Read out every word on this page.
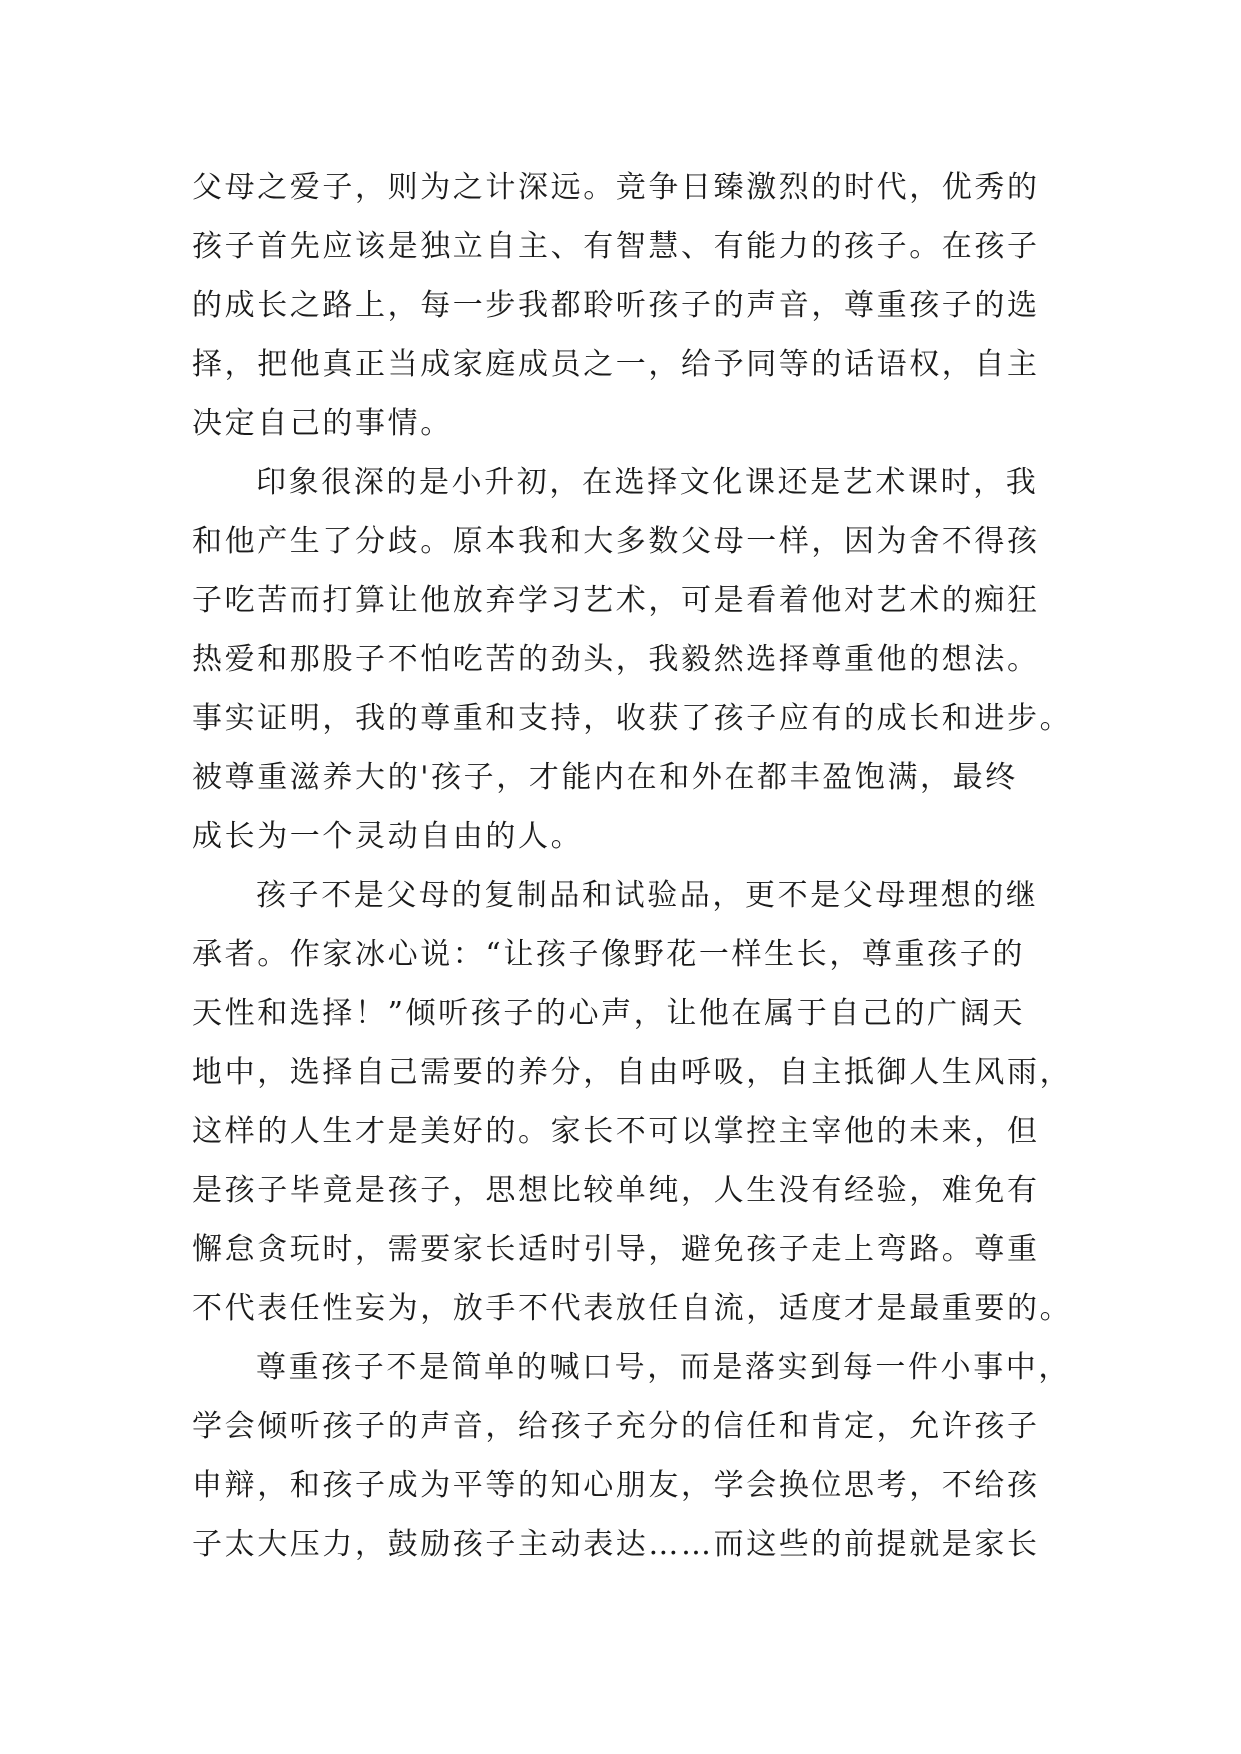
父母之爱子，则为之计深远。竞争日臻激烈的时代，优秀的
孩子首先应该是独立自主、有智慧、有能力的孩子。在孩子
的成长之路上，每一步我都聆听孩子的声音，尊重孩子的选
择，把他真正当成家庭成员之一，给予同等的话语权，自主
决定自己的事情。
印象很深的是小升初，在选择文化课还是艺术课时，我
和他产生了分歧。原本我和大多数父母一样，因为舍不得孩
子吃苦而打算让他放弃学习艺术，可是看着他对艺术的痴狂
热爱和那股子不怕吃苦的劲头，我毅然选择尊重他的想法。
事实证明，我的尊重和支持，收获了孩子应有的成长和进步。
被尊重滋养大的'孩子，才能内在和外在都丰盈饱满，最终
成长为一个灵动自由的人。
孩子不是父母的复制品和试验品，更不是父母理想的继
承者。作家冰心说：“让孩子像野花一样生长，尊重孩子的
天性和选择！”倾听孩子的心声，让他在属于自己的广阔天
地中，选择自己需要的养分，自由呼吸，自主抵御人生风雨，
这样的人生才是美好的。家长不可以掌控主宰他的未来，但
是孩子毕竟是孩子，思想比较单纯，人生没有经验，难免有
懈怠贪玩时，需要家长适时引导，避免孩子走上弯路。尊重
不代表任性妄为，放手不代表放任自流，适度才是最重要的。
尊重孩子不是简单的喊口号，而是落实到每一件小事中，
学会倾听孩子的声音，给孩子充分的信任和肯定，允许孩子
申辩，和孩子成为平等的知心朋友，学会换位思考，不给孩
子太大压力，鼓励孩子主动表达……而这些的前提就是家长
